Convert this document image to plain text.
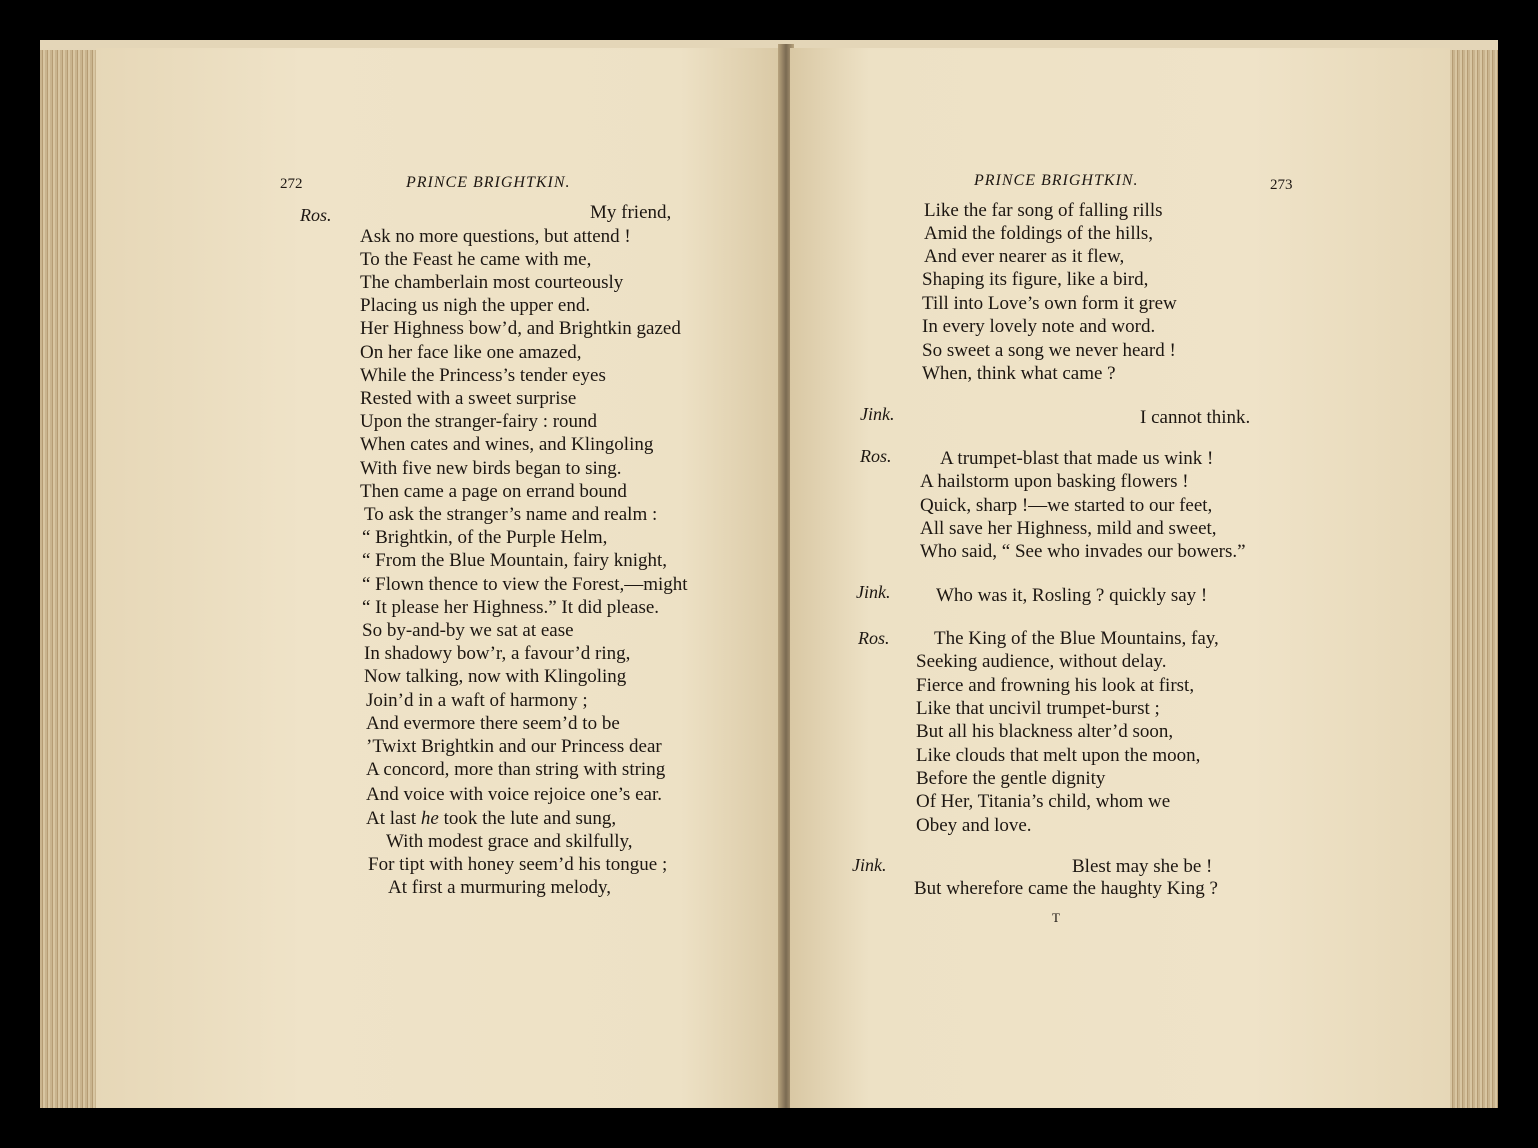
272	PRINCE BRIGHTKIN.
Ros.	My friend,
Ask no more questions, but attend !
To the Feast he came with me,
The chamberlain most courteously
Placing us nigh the upper end.
Her Highness bow’d, and Brightkin gazed
On her face like one amazed,
While the Princess’s tender eyes
Rested with a sweet surprise
Upon the stranger-fairy : round
When cates and wines, and Klingoling
With five new birds began to sing.
Then came a page on errand bound
To ask the stranger’s name and realm :
“ Brightkin, of the Purple Helm,
“ From the Blue Mountain, fairy knight,
“ Flown thence to view the Forest,—might
“ It please her Highness.” It did please.
So by-and-by we sat at ease
In shadowy bow’r, a favour’d ring,
Now talking, now with Klingoling
Join’d in a waft of harmony ;
And evermore there seem’d to be
’Twixt Brightkin and our Princess dear
A concord, more than string with string
And voice with voice rejoice one’s ear.
At last he took the lute and sung,
With modest grace and skilfully,
For tipt with honey seem’d his tongue ;
At first a murmuring melody,
PRINCE BRIGHTKIN.	273
Like the far song of falling rills
Amid the foldings of the hills,
And ever nearer as it flew,
Shaping its figure, like a bird,
Till into Love’s own form it grew
In every lovely note and word.
So sweet a song we never heard !
When, think what came ?
Jink.	I cannot think.
Ros.	A trumpet-blast that made us wink !
A hailstorm upon basking flowers !
Quick, sharp !—we started to our feet,
All save her Highness, mild and sweet,
Who said, “ See who invades our bowers.”
Jink. Who was it, Rosling ? quickly say !
Ros. The King of the Blue Mountains, fay,
Seeking audience, without delay.
Fierce and frowning his look at first,
Like that uncivil trumpet-burst ;
But all his blackness alter’d soon,
Like clouds that melt upon the moon,
Before the gentle dignity
Of Her, Titania’s child, whom we
Obey and love.
Jink.	Blest may she be !
But wherefore came the haughty King ?
T
